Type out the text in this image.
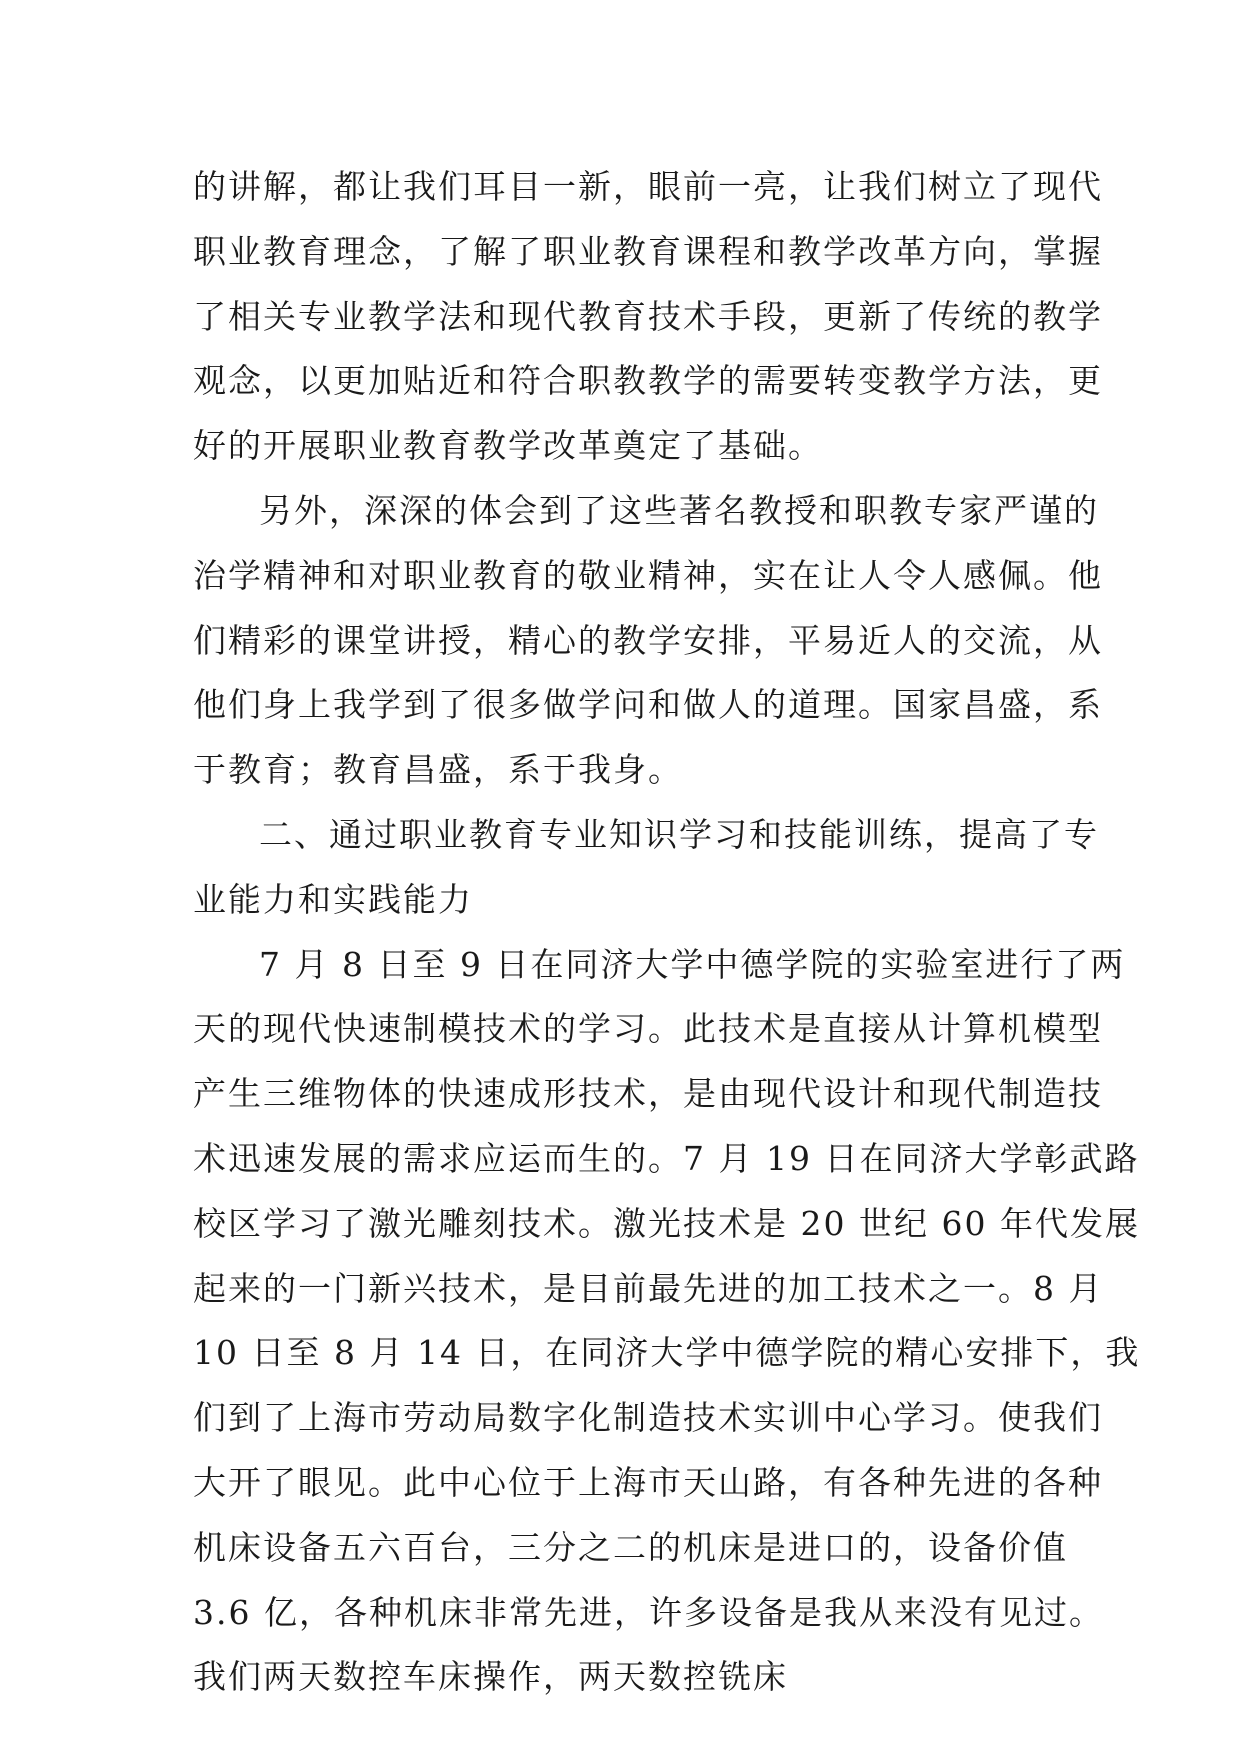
的讲解，都让我们耳目一新，眼前一亮，让我们树立了现代
职业教育理念，了解了职业教育课程和教学改革方向，掌握
了相关专业教学法和现代教育技术手段，更新了传统的教学
观念，以更加贴近和符合职教教学的需要转变教学方法，更
好的开展职业教育教学改革奠定了基础。
另外，深深的体会到了这些著名教授和职教专家严谨的
治学精神和对职业教育的敬业精神，实在让人令人感佩。他
们精彩的课堂讲授，精心的教学安排，平易近人的交流，从
他们身上我学到了很多做学问和做人的道理。国家昌盛，系
于教育；教育昌盛，系于我身。
二、通过职业教育专业知识学习和技能训练，提高了专
业能力和实践能力
7 月 8 日至 9 日在同济大学中德学院的实验室进行了两
天的现代快速制模技术的学习。此技术是直接从计算机模型
产生三维物体的快速成形技术，是由现代设计和现代制造技
术迅速发展的需求应运而生的。7 月 19 日在同济大学彰武路
校区学习了激光雕刻技术。激光技术是 20 世纪 60 年代发展
起来的一门新兴技术，是目前最先进的加工技术之一。8 月
10 日至 8 月 14 日，在同济大学中德学院的精心安排下，我
们到了上海市劳动局数字化制造技术实训中心学习。使我们
大开了眼见。此中心位于上海市天山路，有各种先进的各种
机床设备五六百台，三分之二的机床是进口的，设备价值
3.6 亿，各种机床非常先进，许多设备是我从来没有见过。
我们两天数控车床操作，两天数控铣床
